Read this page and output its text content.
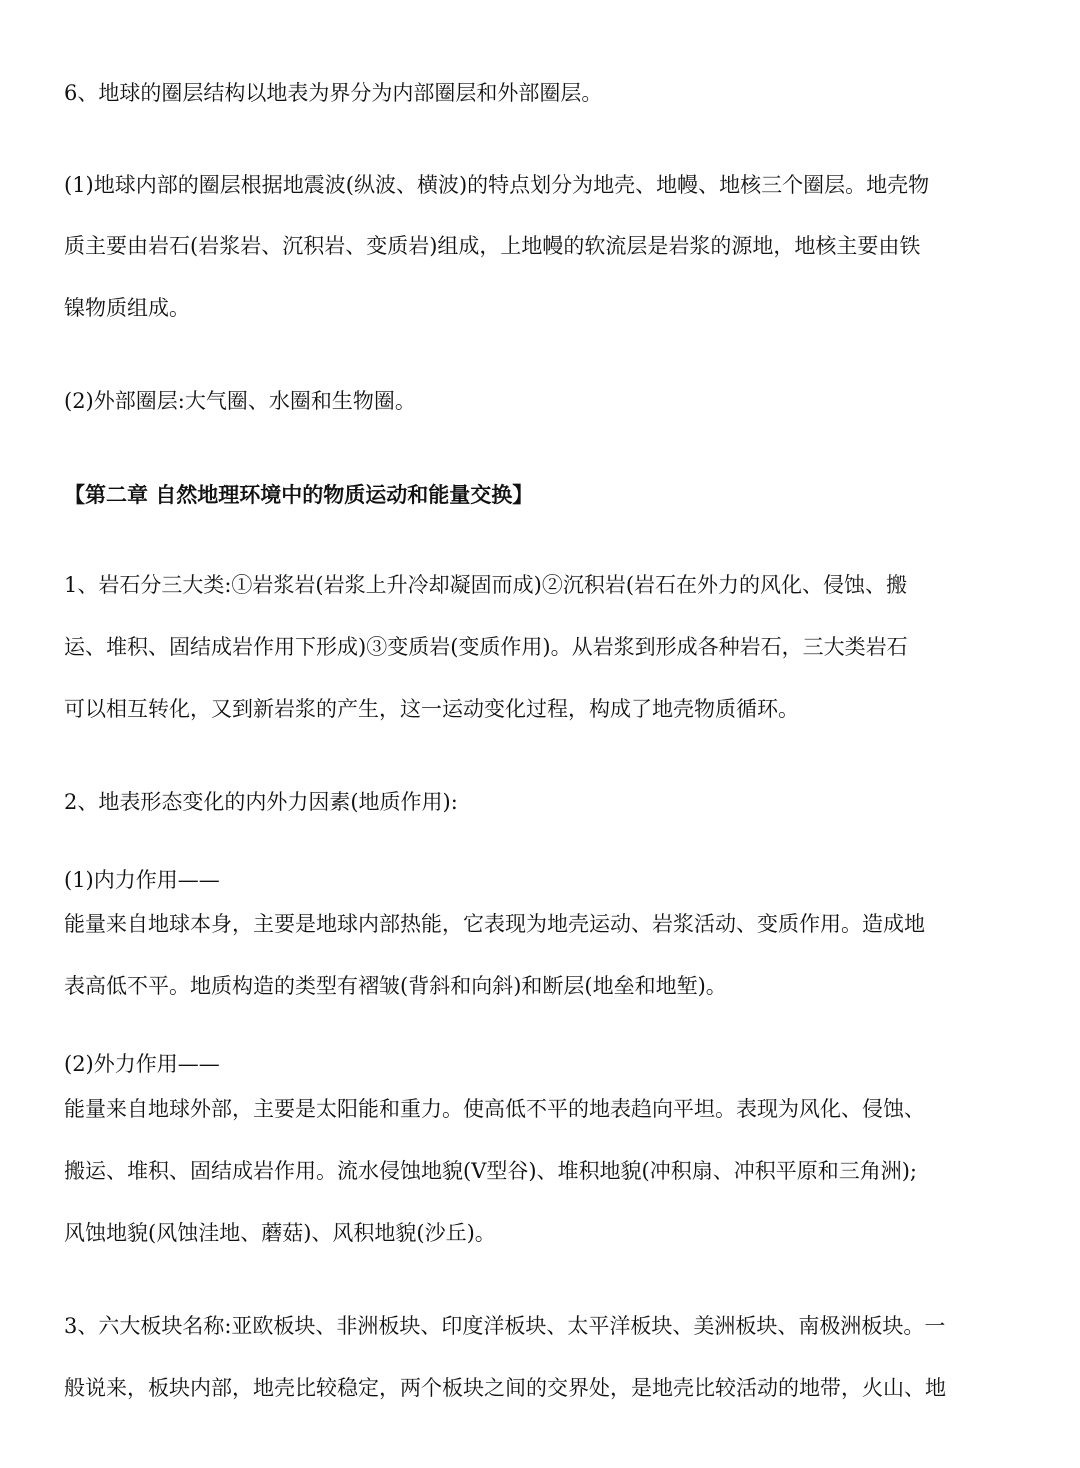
6、地球的圈层结构以地表为界分为内部圈层和外部圈层。

(1)地球内部的圈层根据地震波(纵波、横波)的特点划分为地壳、地幔、地核三个圈层。地壳物

质主要由岩石(岩浆岩、沉积岩、变质岩)组成，上地幔的软流层是岩浆的源地，地核主要由铁

镍物质组成。

(2)外部圈层:大气圈、水圈和生物圈。

【第二章 自然地理环境中的物质运动和能量交换】

1、岩石分三大类:①岩浆岩(岩浆上升冷却凝固而成)②沉积岩(岩石在外力的风化、侵蚀、搬

运、堆积、固结成岩作用下形成)③变质岩(变质作用)。从岩浆到形成各种岩石，三大类岩石

可以相互转化，又到新岩浆的产生，这一运动变化过程，构成了地壳物质循环。

2、地表形态变化的内外力因素(地质作用):

(1)内力作用——

能量来自地球本身，主要是地球内部热能，它表现为地壳运动、岩浆活动、变质作用。造成地

表高低不平。地质构造的类型有褶皱(背斜和向斜)和断层(地垒和地堑)。

(2)外力作用——

能量来自地球外部，主要是太阳能和重力。使高低不平的地表趋向平坦。表现为风化、侵蚀、

搬运、堆积、固结成岩作用。流水侵蚀地貌(V型谷)、堆积地貌(冲积扇、冲积平原和三角洲);

风蚀地貌(风蚀洼地、蘑菇)、风积地貌(沙丘)。

3、六大板块名称:亚欧板块、非洲板块、印度洋板块、太平洋板块、美洲板块、南极洲板块。一

般说来，板块内部，地壳比较稳定，两个板块之间的交界处，是地壳比较活动的地带，火山、地
